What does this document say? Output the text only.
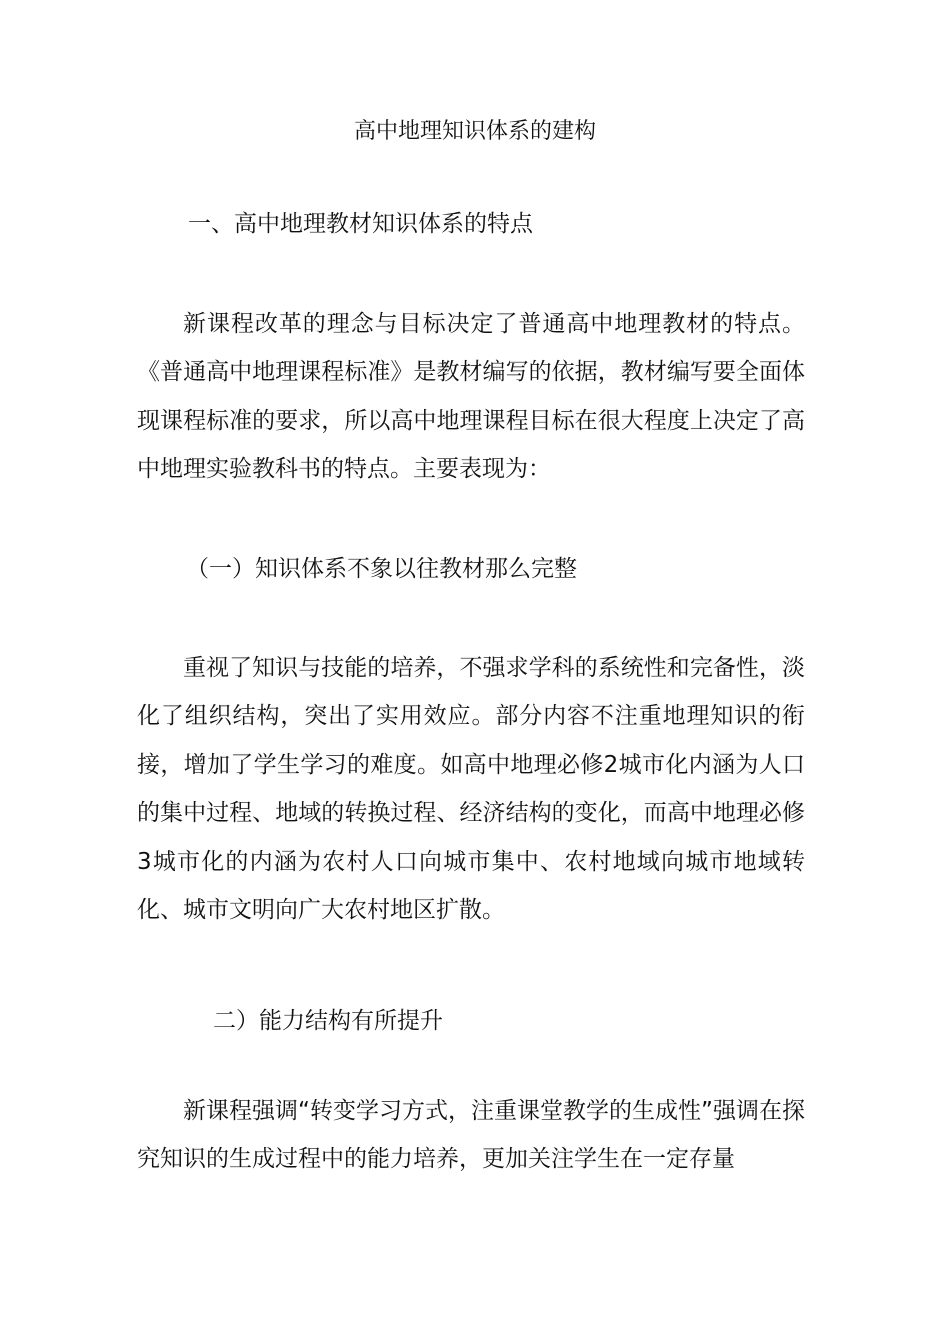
高中地理知识体系的建构
一、高中地理教材知识体系的特点

新课程改革的理念与目标决定了普通高中地理教材的特点。《普通高中地理课程标准》是教材编写的依据，教材编写要全面体现课程标准的要求，所以高中地理课程目标在很大程度上决定了高中地理实验教科书的特点。主要表现为：

（一）知识体系不象以往教材那么完整

重视了知识与技能的培养，不强求学科的系统性和完备性，淡化了组织结构，突出了实用效应。部分内容不注重地理知识的衔接，增加了学生学习的难度。如高中地理必修2城市化内涵为人口的集中过程、地域的转换过程、经济结构的变化，而高中地理必修3城市化的内涵为农村人口向城市集中、农村地域向城市地域转化、城市文明向广大农村地区扩散。

二）能力结构有所提升

新课程强调“转变学习方式，注重课堂教学的生成性”强调在探究知识的生成过程中的能力培养，更加关注学生在一定存量
